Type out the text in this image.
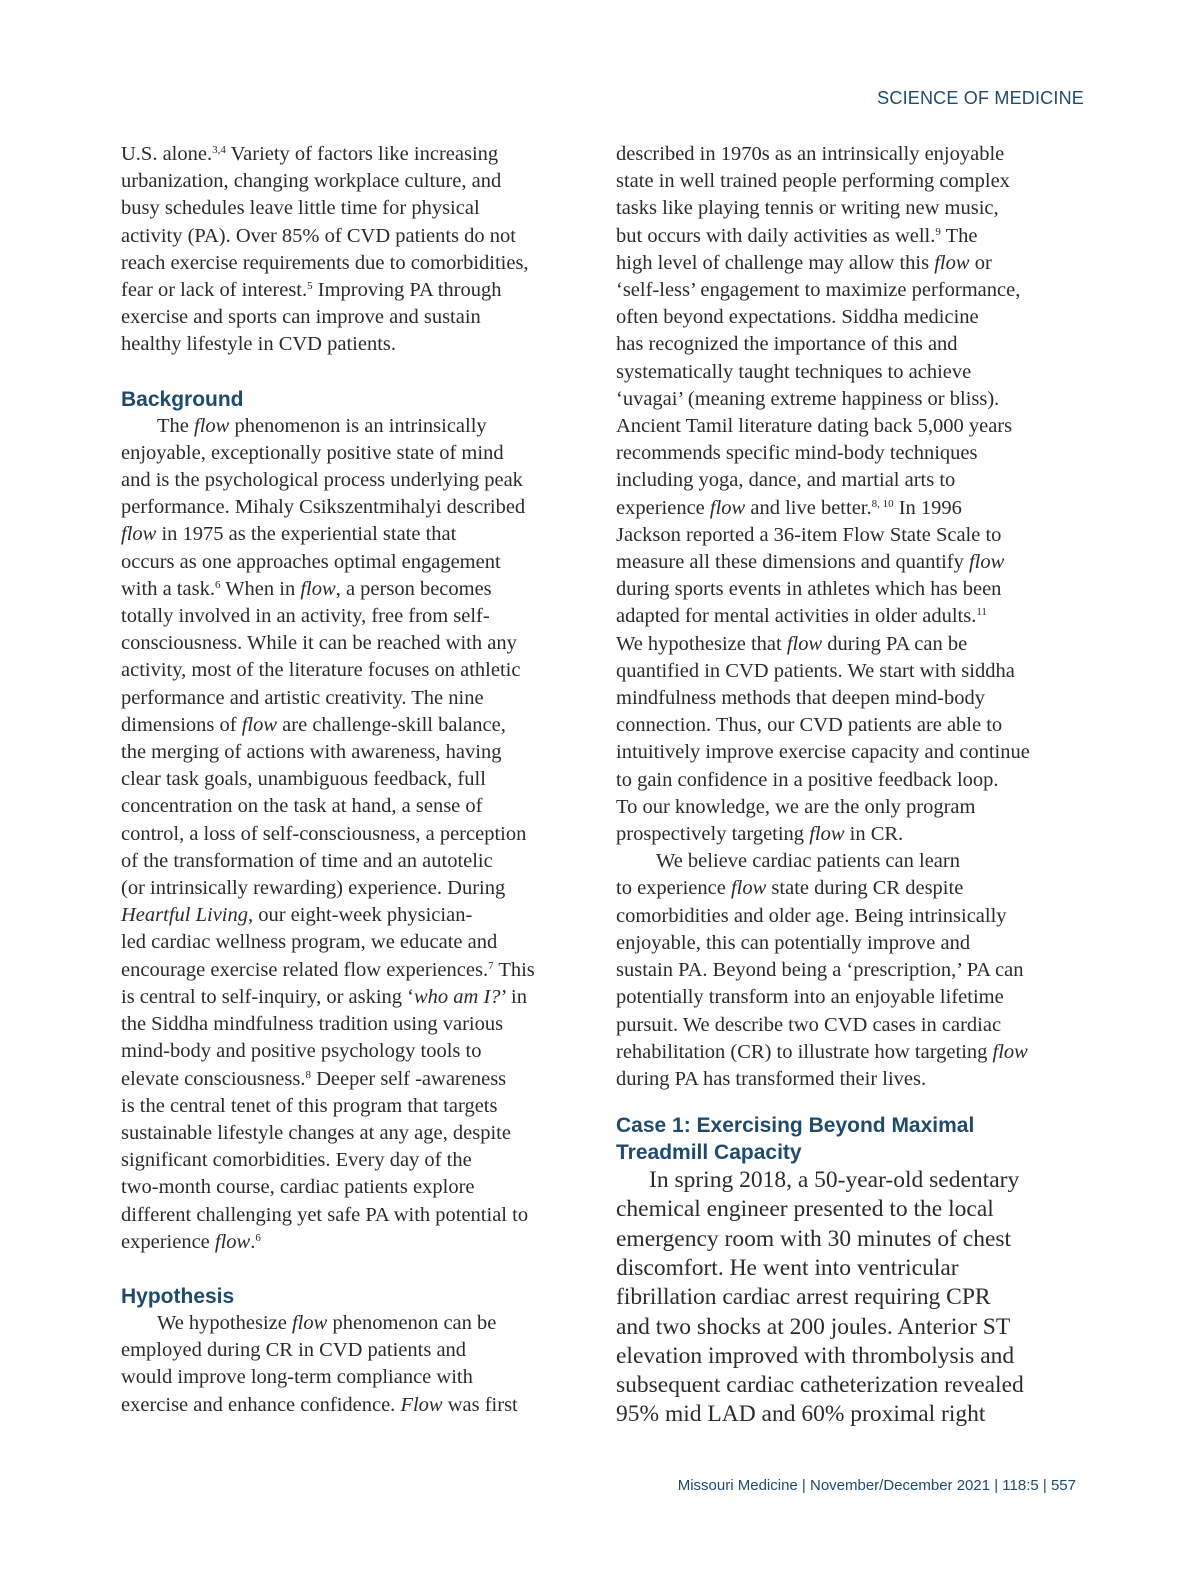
SCIENCE OF MEDICINE
U.S. alone.$^{3,4}$ Variety of factors like increasing
urbanization, changing workplace culture, and
busy schedules leave little time for physical
activity (PA). Over 85% of CVD patients do not
reach exercise requirements due to comorbidities,
fear or lack of interest.$^5$ Improving PA through
exercise and sports can improve and sustain
healthy lifestyle in CVD patients.
Background
The flow phenomenon is an intrinsically
enjoyable, exceptionally positive state of mind
and is the psychological process underlying peak
performance. Mihaly Csikszentmihalyi described
flow in 1975 as the experiential state that
occurs as one approaches optimal engagement
with a task.$^6$ When in flow, a person becomes
totally involved in an activity, free from self-
consciousness. While it can be reached with any
activity, most of the literature focuses on athletic
performance and artistic creativity. The nine
dimensions of flow are challenge-skill balance,
the merging of actions with awareness, having
clear task goals, unambiguous feedback, full
concentration on the task at hand, a sense of
control, a loss of self-consciousness, a perception
of the transformation of time and an autotelic
(or intrinsically rewarding) experience. During
Heartful Living, our eight-week physician-
led cardiac wellness program, we educate and
encourage exercise related flow experiences.$^7$ This
is central to self-inquiry, or asking ‘who am I?’ in
the Siddha mindfulness tradition using various
mind-body and positive psychology tools to
elevate consciousness.$^8$ Deeper self -awareness
is the central tenet of this program that targets
sustainable lifestyle changes at any age, despite
significant comorbidities. Every day of the
two-month course, cardiac patients explore
different challenging yet safe PA with potential to
experience flow.$^6$
Hypothesis
We hypothesize flow phenomenon can be
employed during CR in CVD patients and
would improve long-term compliance with
exercise and enhance confidence. Flow was first
described in 1970s as an intrinsically enjoyable
state in well trained people performing complex
tasks like playing tennis or writing new music,
but occurs with daily activities as well.$^9$ The
high level of challenge may allow this flow or
‘self-less’ engagement to maximize performance,
often beyond expectations. Siddha medicine
has recognized the importance of this and
systematically taught techniques to achieve
‘uvagai’ (meaning extreme happiness or bliss).
Ancient Tamil literature dating back 5,000 years
recommends specific mind-body techniques
including yoga, dance, and martial arts to
experience flow and live better.$^{8, 10}$ In 1996
Jackson reported a 36-item Flow State Scale to
measure all these dimensions and quantify flow
during sports events in athletes which has been
adapted for mental activities in older adults.$^{11}$
We hypothesize that flow during PA can be
quantified in CVD patients. We start with siddha
mindfulness methods that deepen mind-body
connection. Thus, our CVD patients are able to
intuitively improve exercise capacity and continue
to gain confidence in a positive feedback loop.
To our knowledge, we are the only program
prospectively targeting flow in CR.
We believe cardiac patients can learn
to experience flow state during CR despite
comorbidities and older age. Being intrinsically
enjoyable, this can potentially improve and
sustain PA. Beyond being a ‘prescription,’ PA can
potentially transform into an enjoyable lifetime
pursuit. We describe two CVD cases in cardiac
rehabilitation (CR) to illustrate how targeting flow
during PA has transformed their lives.
Case 1: Exercising Beyond Maximal
Treadmill Capacity
In spring 2018, a 50-year-old sedentary
chemical engineer presented to the local
emergency room with 30 minutes of chest
discomfort. He went into ventricular
fibrillation cardiac arrest requiring CPR
and two shocks at 200 joules. Anterior ST
elevation improved with thrombolysis and
subsequent cardiac catheterization revealed
95% mid LAD and 60% proximal right
Missouri Medicine | November/December 2021 | 118:5 | 557
